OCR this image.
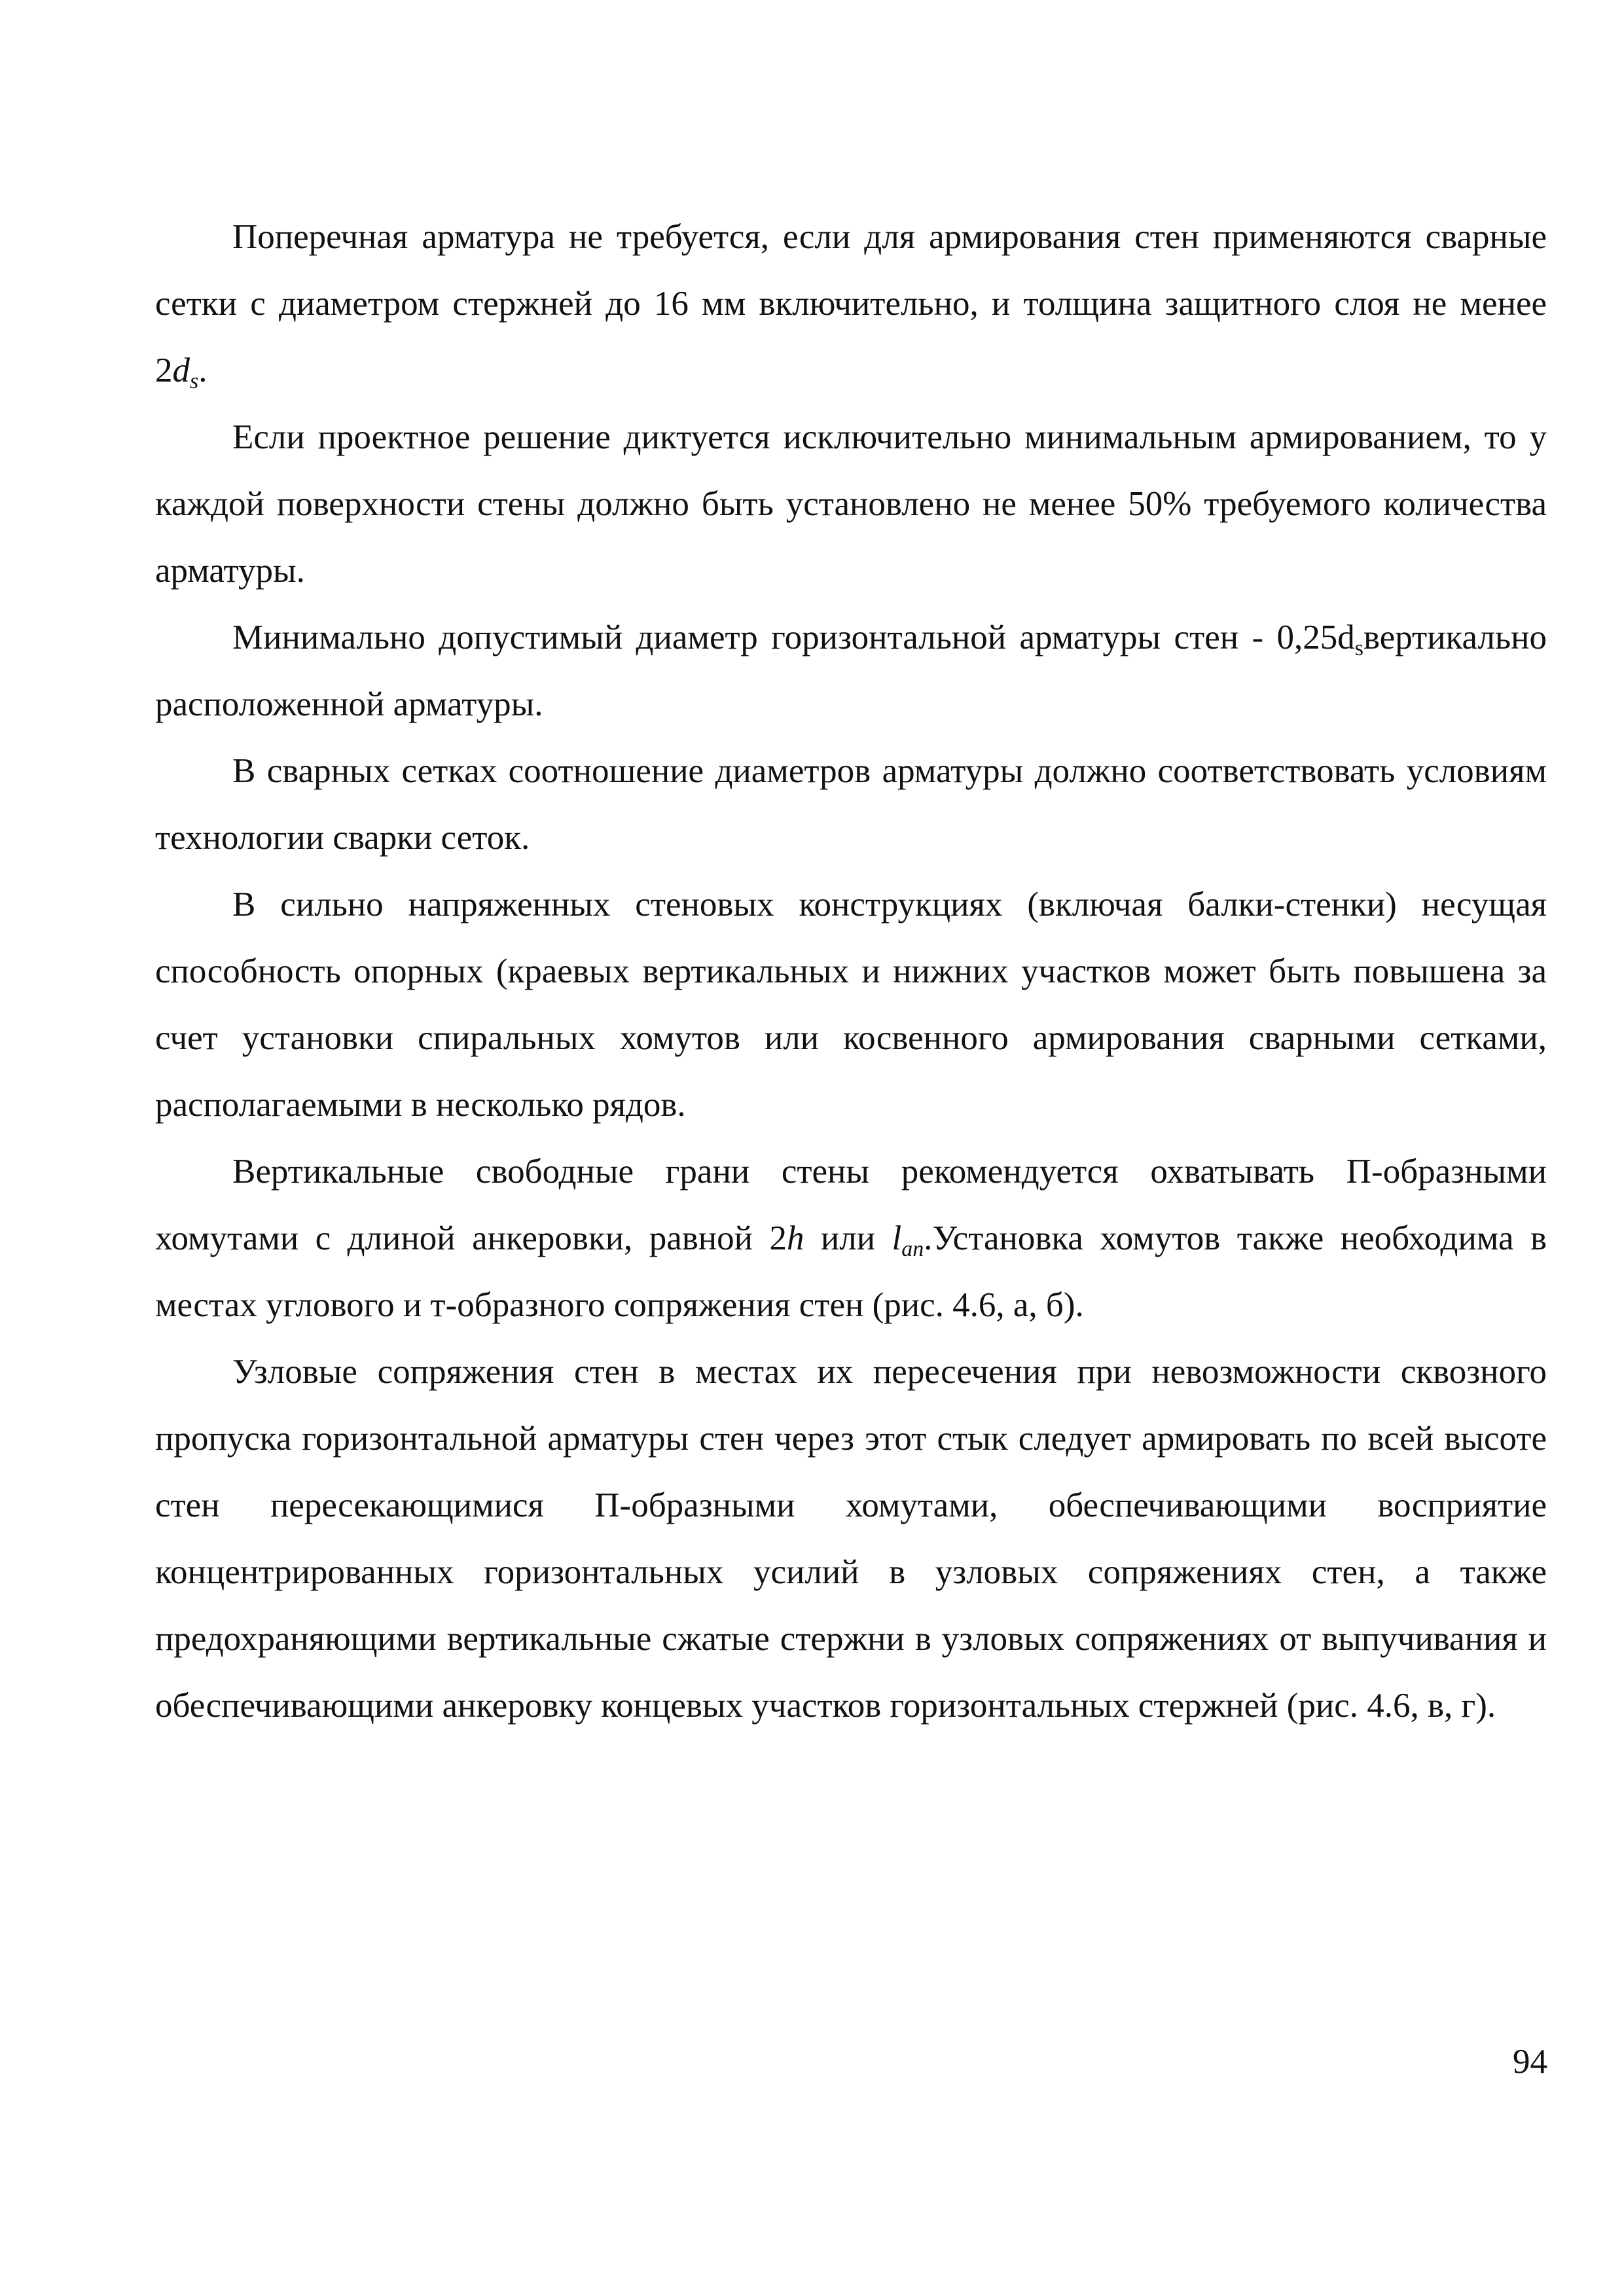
Поперечная арматура не требуется, если для армирования стен применяются сварные сетки с диаметром стержней до 16 мм включительно, и толщина защитного слоя не менее $2d_s$.

Если проектное решение диктуется исключительно минимальным армированием, то у каждой поверхности стены должно быть установлено не менее 50% требуемого количества арматуры.

Минимально допустимый диаметр горизонтальной арматуры стен - $0,25d_sвертикально$ расположенной арматуры.

В сварных сетках соотношение диаметров арматуры должно соответствовать условиям технологии сварки сеток.

В сильно напряженных стеновых конструкциях (включая балки-стенки) несущая способность опорных (краевых вертикальных и нижних участков может быть повышена за счет установки спиральных хомутов или косвенного армирования сварными сетками, располагаемыми в несколько рядов.

Вертикальные свободные грани стены рекомендуется охватывать П-образными хомутами с длиной анкеровки, равной 2h или $l_{an}.Установка$ хомутов также необходима в местах углового и т-образного сопряжения стен (рис. 4.6, а, б).

Узловые сопряжения стен в местах их пересечения при невозможности сквозного пропуска горизонтальной арматуры стен через этот стык следует армировать по всей высоте стен пересекающимися П-образными хомутами, обеспечивающими восприятие концентрированных горизонтальных усилий в узловых сопряжениях стен, а также предохраняющими вертикальные сжатые стержни в узловых сопряжениях от выпучивания и обеспечивающими анкеровку концевых участков горизонтальных стержней (рис. 4.6, в, г).

94
